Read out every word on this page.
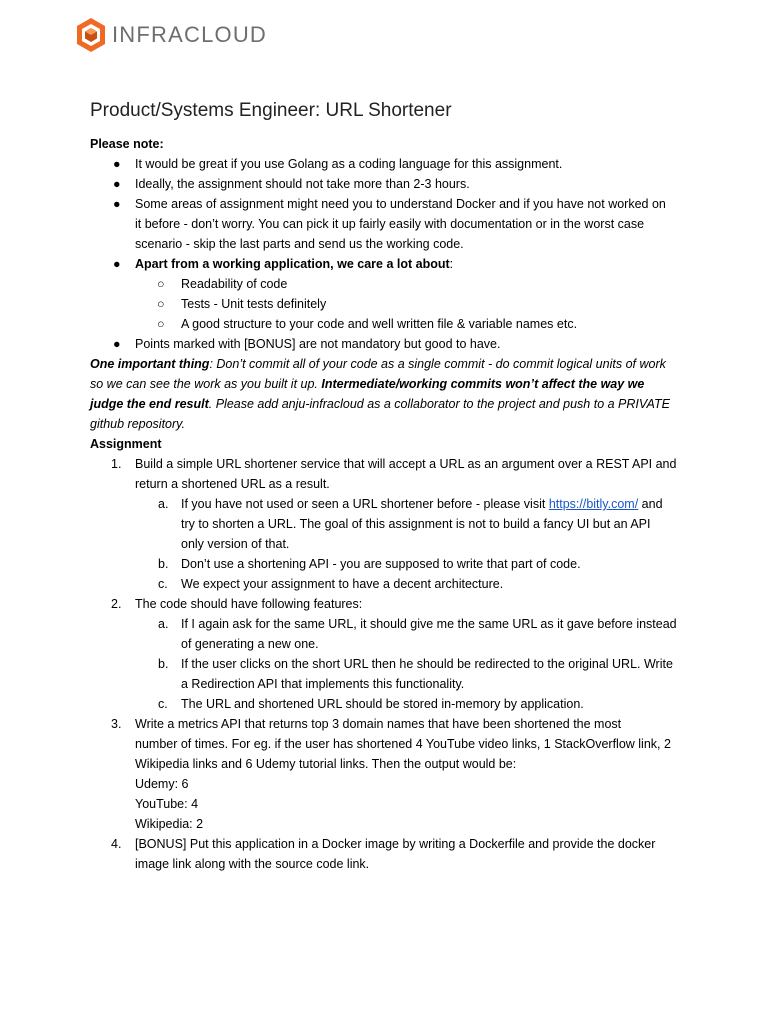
INFRACLOUD
Product/Systems Engineer: URL Shortener
Please note:
● It would be great if you use Golang as a coding language for this assignment.
● Ideally, the assignment should not take more than 2-3 hours.
● Some areas of assignment might need you to understand Docker and if you have not worked on
it before - don’t worry. You can pick it up fairly easily with documentation or in the worst case
scenario - skip the last parts and send us the working code.
● Apart from a working application, we care a lot about:
○ Readability of code
○ Tests - Unit tests definitely
○ A good structure to your code and well written file & variable names etc.
● Points marked with [BONUS] are not mandatory but good to have.
One important thing: Don’t commit all of your code as a single commit - do commit logical units of work
so we can see the work as you built it up. Intermediate/working commits won’t affect the way we
judge the end result. Please add anju-infracloud as a collaborator to the project and push to a PRIVATE
github repository.
Assignment
1. Build a simple URL shortener service that will accept a URL as an argument over a REST API and
return a shortened URL as a result.
a. If you have not used or seen a URL shortener before - please visit https://bitly.com/ and
try to shorten a URL. The goal of this assignment is not to build a fancy UI but an API
only version of that.
b. Don’t use a shortening API - you are supposed to write that part of code.
c. We expect your assignment to have a decent architecture.
2. The code should have following features:
a. If I again ask for the same URL, it should give me the same URL as it gave before instead
of generating a new one.
b. If the user clicks on the short URL then he should be redirected to the original URL. Write
a Redirection API that implements this functionality.
c. The URL and shortened URL should be stored in-memory by application.
3. Write a metrics API that returns top 3 domain names that have been shortened the most
number of times. For eg. if the user has shortened 4 YouTube video links, 1 StackOverflow link, 2
Wikipedia links and 6 Udemy tutorial links. Then the output would be:
Udemy: 6
YouTube: 4
Wikipedia: 2
4. [BONUS] Put this application in a Docker image by writing a Dockerfile and provide the docker
image link along with the source code link.
